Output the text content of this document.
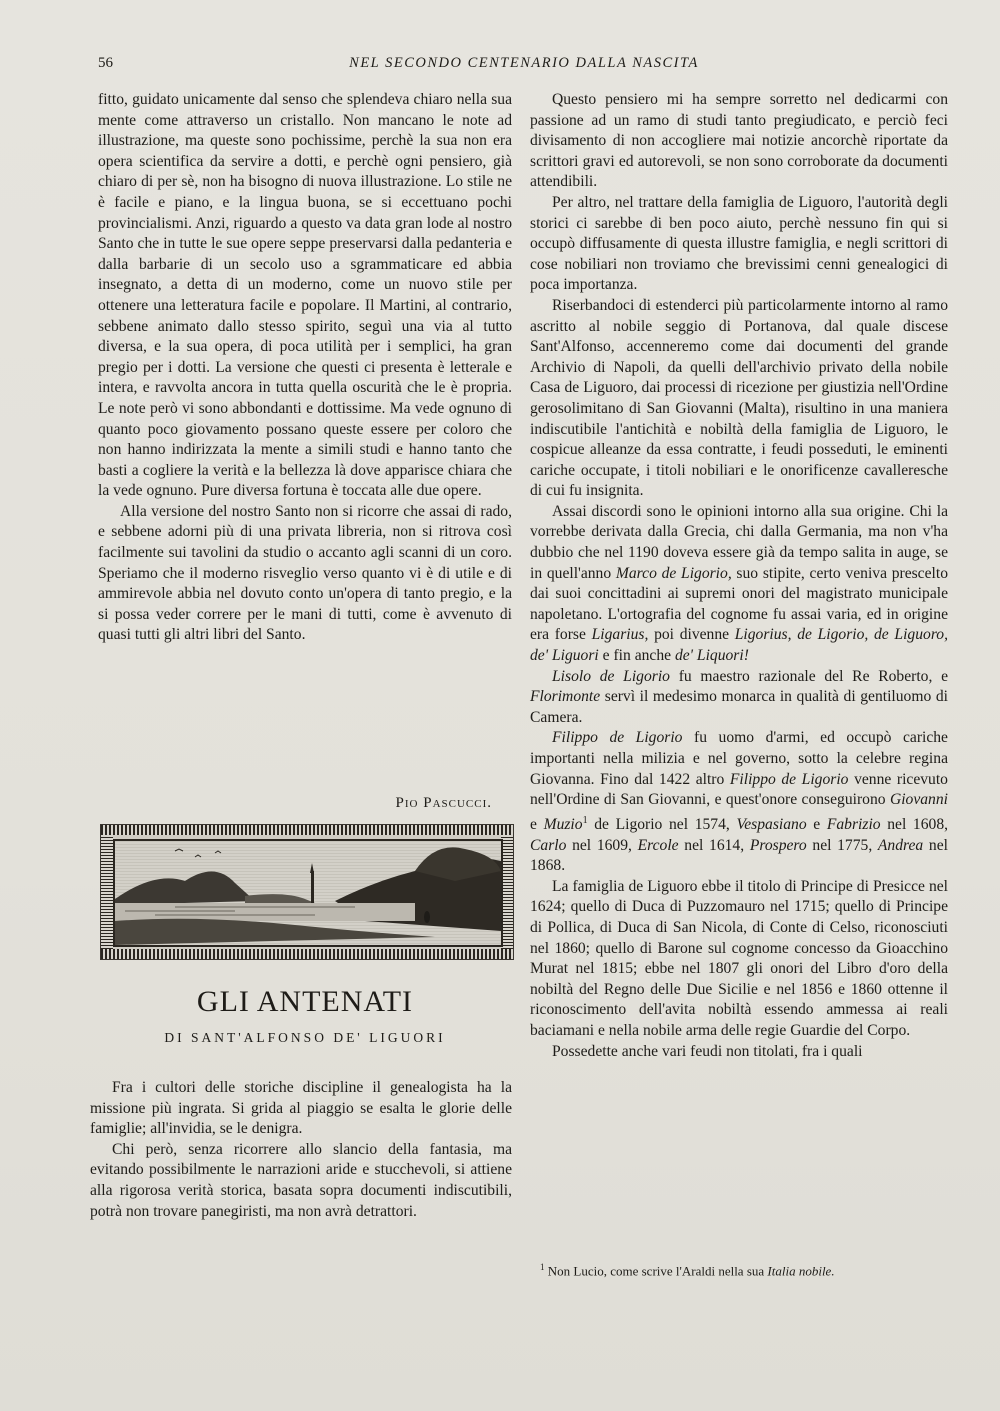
56	NEL SECONDO CENTENARIO DALLA NASCITA

fitto, guidato unicamente dal senso che splendeva chiaro nella sua mente come attraverso un cristallo. Non mancano le note ad illustrazione, ma queste sono pochissime, perchè la sua non era opera scientifica da servire a dotti, e perchè ogni pensiero, già chiaro di per sè, non ha bisogno di nuova illustrazione. Lo stile ne è facile e piano, e la lingua buona, se si eccettuano pochi provincialismi. Anzi, riguardo a questo va data gran lode al nostro Santo che in tutte le sue opere seppe preservarsi dalla pedanteria e dalla barbarie di un secolo uso a sgrammaticare ed abbia insegnato, a detta di un moderno, come un nuovo stile per ottenere una letteratura facile e popolare. Il Martini, al contrario, sebbene animato dallo stesso spirito, seguì una via al tutto diversa, e la sua opera, di poca utilità per i semplici, ha gran pregio per i dotti. La versione che questi ci presenta è letterale e intera, e ravvolta ancora in tutta quella oscurità che le è propria. Le note però vi sono abbondanti e dottissime. Ma vede ognuno di quanto poco giovamento possano queste essere per coloro che non hanno indirizzata la mente a simili studi e hanno tanto che basti a cogliere la verità e la bellezza là dove apparisce chiara che la vede ognuno. Pure diversa fortuna è toccata alle due opere.

Alla versione del nostro Santo non si ricorre che assai di rado, e sebbene adorni più di una privata libreria, non si ritrova così facilmente sui tavolini da studio o accanto agli scanni di un coro. Speriamo che il moderno risveglio verso quanto vi è di utile e di ammirevole abbia nel dovuto conto un'opera di tanto pregio, e la si possa veder correre per le mani di tutti, come è avvenuto di quasi tutti gli altri libri del Santo.

Pio Pascucci.
GLI ANTENATI
DI SANT'ALFONSO DE' LIGUORI

Fra i cultori delle storiche discipline il genealogista ha la missione più ingrata. Si grida al piaggio se esalta le glorie delle famiglie; all'invidia, se le denigra.

Chi però, senza ricorrere allo slancio della fantasia, ma evitando possibilmente le narrazioni aride e stucchevoli, si attiene alla rigorosa verità storica, basata sopra documenti indiscutibili, potrà non trovare panegiristi, ma non avrà detrattori.

Questo pensiero mi ha sempre sorretto nel dedicarmi con passione ad un ramo di studi tanto pregiudicato, e perciò feci divisamento di non accogliere mai notizie ancorchè riportate da scrittori gravi ed autorevoli, se non sono corroborate da documenti attendibili.

Per altro, nel trattare della famiglia de Liguoro, l'autorità degli storici ci sarebbe di ben poco aiuto, perchè nessuno fin qui si occupò diffusamente di questa illustre famiglia, e negli scrittori di cose nobiliari non troviamo che brevissimi cenni genealogici di poca importanza.

Riserbandoci di estenderci più particolarmente intorno al ramo ascritto al nobile seggio di Portanova, dal quale discese Sant'Alfonso, accenneremo come dai documenti del grande Archivio di Napoli, da quelli dell'archivio privato della nobile Casa de Liguoro, dai processi di ricezione per giustizia nell'Ordine gerosolimitano di San Giovanni (Malta), risultino in una maniera indiscutibile l'antichità e nobiltà della famiglia de Liguoro, le cospicue alleanze da essa contratte, i feudi posseduti, le eminenti cariche occupate, i titoli nobiliari e le onorificenze cavalleresche di cui fu insignita.

Assai discordi sono le opinioni intorno alla sua origine. Chi la vorrebbe derivata dalla Grecia, chi dalla Germania, ma non v'ha dubbio che nel 1190 doveva essere già da tempo salita in auge, se in quell'anno Marco de Ligorio, suo stipite, certo veniva prescelto dai suoi concittadini ai supremi onori del magistrato municipale napoletano. L'ortografia del cognome fu assai varia, ed in origine era forse Ligarius, poi divenne Ligorius, de Ligorio, de Liguoro, de' Liguori e fin anche de' Liquori!

Lisolo de Ligorio fu maestro razionale del Re Roberto, e Florimonte servì il medesimo monarca in qualità di gentiluomo di Camera.

Filippo de Ligorio fu uomo d'armi, ed occupò cariche importanti nella milizia e nel governo, sotto la celebre regina Giovanna. Fino dal 1422 altro Filippo de Ligorio venne ricevuto nell'Ordine di San Giovanni, e quest'onore conseguirono Giovanni e Muzio$^1$ de Ligorio nel 1574, Vespasiano e Fabrizio nel 1608, Carlo nel 1609, Ercole nel 1614, Prospero nel 1775, Andrea nel 1868.

La famiglia de Liguoro ebbe il titolo di Principe di Presicce nel 1624; quello di Duca di Puzzomauro nel 1715; quello di Principe di Pollica, di Duca di San Nicola, di Conte di Celso, riconosciuti nel 1860; quello di Barone sul cognome concesso da Gioacchino Murat nel 1815; ebbe nel 1807 gli onori del Libro d'oro della nobiltà del Regno delle Due Sicilie e nel 1856 e 1860 ottenne il riconoscimento dell'avita nobiltà essendo ammessa ai reali baciamani e nella nobile arma delle regie Guardie del Corpo.

Possedette anche vari feudi non titolati, fra i quali

$^1$ Non Lucio, come scrive l'Araldi nella sua Italia nobile.
